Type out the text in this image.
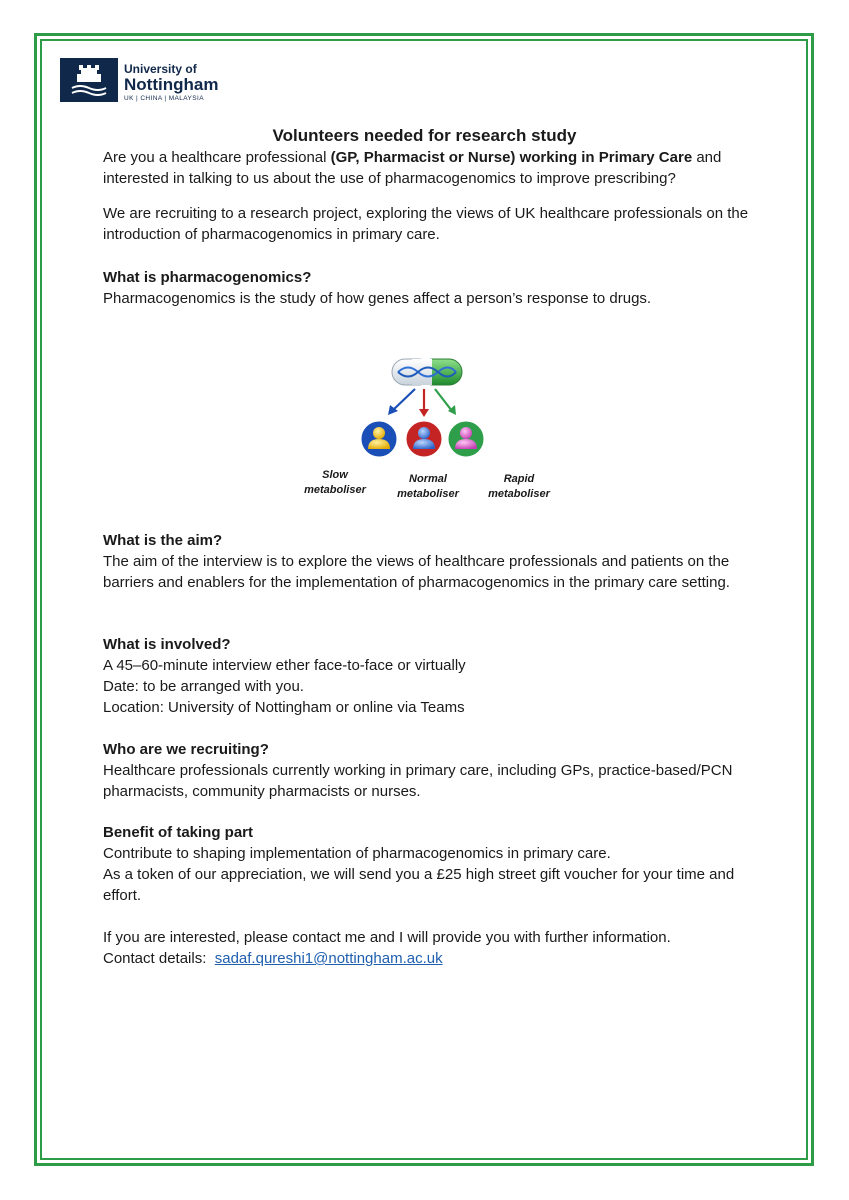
University of
Nottingham
UK | CHINA | MALAYSIA
Volunteers needed for research study

Are you a healthcare professional (GP, Pharmacist or Nurse) working in Primary Care and interested in talking to us about the use of pharmacogenomics to improve prescribing?

We are recruiting to a research project, exploring the views of UK healthcare professionals on the introduction of pharmacogenomics in primary care.

What is pharmacogenomics?

Pharmacogenomics is the study of how genes affect a person’s response to drugs.

Slow
metaboliser
Normal
metaboliser
Rapid
metaboliser

What is the aim?

The aim of the interview is to explore the views of healthcare professionals and patients on the barriers and enablers for the implementation of pharmacogenomics in the primary care setting.

What is involved?

A 45–60-minute interview ether face-to-face or virtually

Date: to be arranged with you.

Location: University of Nottingham or online via Teams

Who are we recruiting?

Healthcare professionals currently working in primary care, including GPs, practice-based/PCN pharmacists, community pharmacists or nurses.

Benefit of taking part

Contribute to shaping implementation of pharmacogenomics in primary care.

As a token of our appreciation, we will send you a £25 high street gift voucher for your time and effort.

If you are interested, please contact me and I will provide you with further information.

Contact details: sadaf.qureshi1@nottingham.ac.uk
